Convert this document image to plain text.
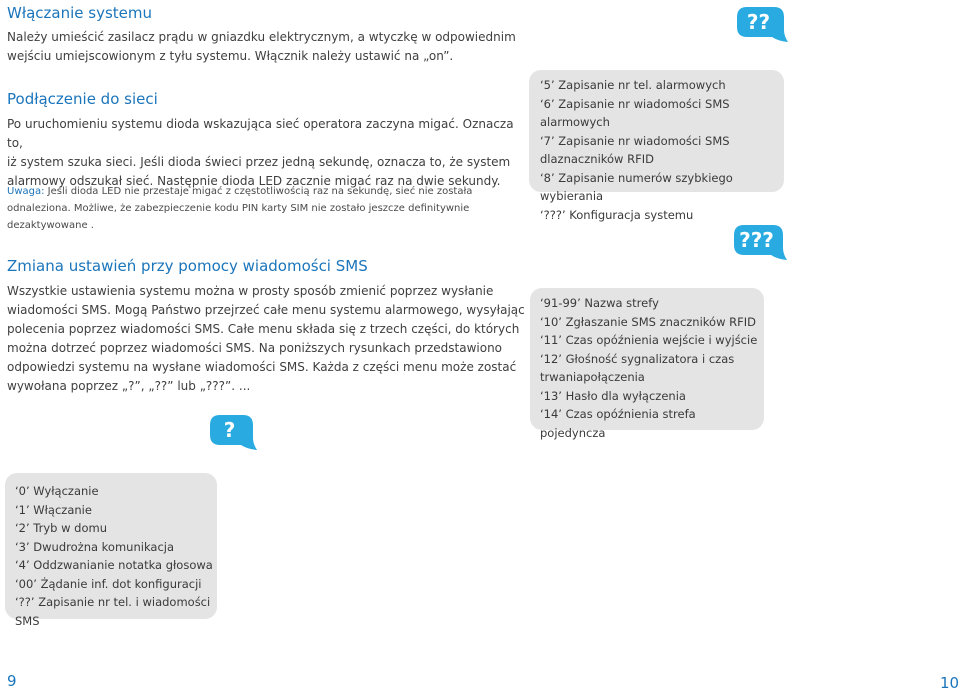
Włączanie systemu
Należy umieścić zasilacz prądu w gniazdku elektrycznym, a wtyczkę w odpowiednim
wejściu umiejscowionym z tyłu systemu. Włącznik należy ustawić na „on”.
Podłączenie do sieci
Po uruchomieniu systemu dioda wskazująca sieć operatora zaczyna migać. Oznacza to,
iż system szuka sieci. Jeśli dioda świeci przez jedną sekundę, oznacza to, że system
alarmowy odszukał sieć. Następnie dioda LED zacznie migać raz na dwie sekundy.
Uwaga: Jeśli dioda LED nie przestaje migać z częstotliwością raz na sekundę, sieć nie została
odnaleziona. Możliwe, że zabezpieczenie kodu PIN karty SIM nie zostało jeszcze definitywnie
dezaktywowane .
Zmiana ustawień przy pomocy wiadomości SMS
Wszystkie ustawienia systemu można w prosty sposób zmienić poprzez wysłanie
wiadomości SMS. Mogą Państwo przejrzeć całe menu systemu alarmowego, wysyłając
polecenia poprzez wiadomości SMS. Całe menu składa się z trzech części, do których
można dotrzeć poprzez wiadomości SMS. Na poniższych rysunkach przedstawiono
odpowiedzi systemu na wysłane wiadomości SMS. Każda z części menu może zostać
wywołana poprzez „?”, „??” lub „???”. ...
?
??
???
‘0’ Wyłączanie
‘1’ Włączanie
‘2’ Tryb w domu
‘3’ Dwudrożna komunikacja
‘4’ Oddzwanianie notatka głosowa
‘00’ Żądanie inf. dot konfiguracji
‘??’ Zapisanie nr tel. i wiadomości SMS
‘5’ Zapisanie nr tel. alarmowych
‘6’ Zapisanie nr wiadomości SMS alarmowych
‘7’ Zapisanie nr wiadomości SMS dlaznaczników RFID
‘8’ Zapisanie numerów szybkiego wybierania
‘???’ Konfiguracja systemu
‘91-99’ Nazwa strefy
‘10’ Zgłaszanie SMS znaczników RFID
‘11’ Czas opóźnienia wejście i wyjście
‘12’ Głośność sygnalizatora i czas trwaniapołączenia
‘13’ Hasło dla wyłączenia
‘14’ Czas opóźnienia strefa pojedyncza
9	10
